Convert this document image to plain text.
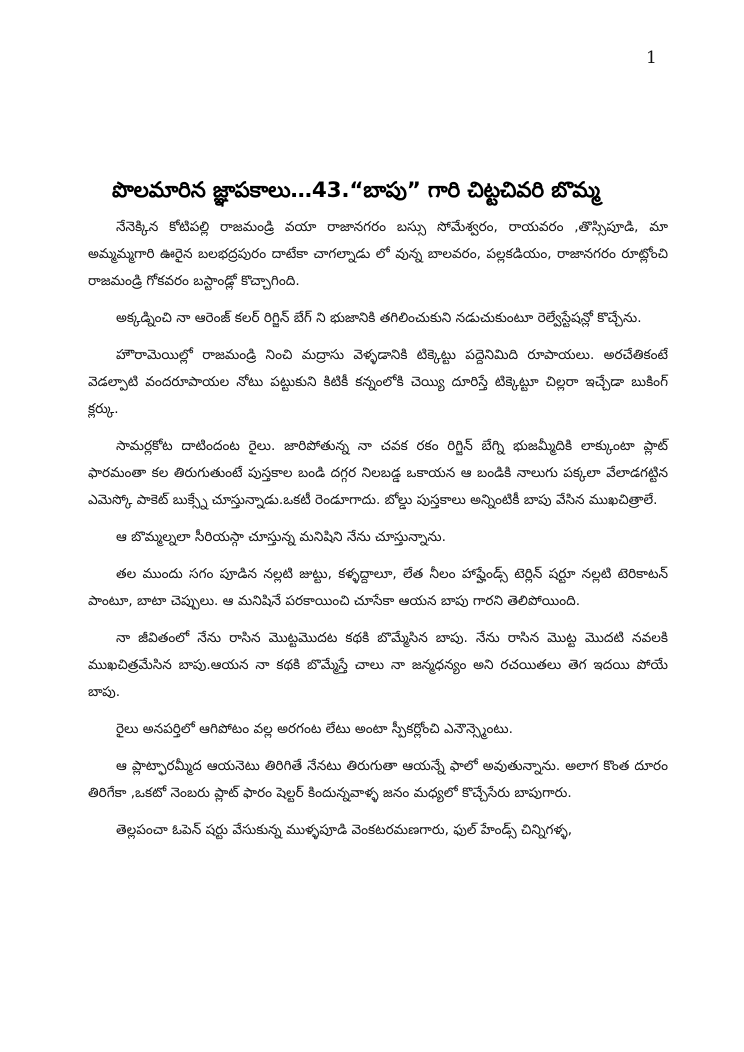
1
పొలమారిన జ్ఞాపకాలు…43.“బాపు” గారి చిట్టచివరి బొమ్మ

నేనెక్కిన కోటిపల్లి రాజమండ్రి వయా రాజానగరం బస్సు సోమేశ్వరం, రాయవరం ,తొస్సిపూడి, మా అమ్మమ్మగారి ఊరైన బలభద్రపురం దాటేకా చాగల్నాడు లో వున్న బాలవరం, పల్లకడియం, రాజానగరం రూట్లోంచి రాజమండ్రి గోకవరం బస్టాండ్లో కొచ్చాగింది.

అక్కడ్నించి నా ఆరెంజ్ కలర్ రిగ్జిన్ బేగ్ ని భుజానికి తగిలించుకుని నడుచుకుంటూ రెల్వేస్టేషన్లో కొచ్చేను.

హౌరామెయిల్లో రాజమండ్రి నించి మద్రాసు వెళ్ళడానికి టిక్కెట్టు పద్దెనిమిది రూపాయలు. అరచేతికంటే వెడల్పాటి వందరూపాయల నోటు పట్టుకుని కిటికీ కన్నంలోకి చెయ్యి దూరిస్తే టిక్కెట్టూ చిల్లరా ఇచ్చేడా బుకింగ్ క్లర్కు.

సామర్లకోట దాటిందంట రైలు. జారిపోతున్న నా చవక రకం రిగ్జిన్ బేగ్ని భుజమ్మీదికి లాక్కుంటా ప్లాట్ ఫారమంతా కల తిరుగుతుంటే పుస్తకాల బండి దగ్గర నిలబడ్డ ఒకాయన ఆ బండికి నాలుగు పక్కలా వేలాడగట్టిన ఎమెస్కో పాకెట్ బుక్స్నే చూస్తున్నాడు.ఒకటీ రెండూగాదు. బోల్డు పుస్తకాలు అన్నింటికీ బాపు వేసిన ముఖచిత్రాలే.

ఆ బొమ్మల్నలా సీరియస్గా చూస్తున్న మనిషిని నేను చూస్తున్నాను.

తల ముందు సగం పూడిన నల్లటి జుట్టు, కళ్ళద్దాలూ, లేత నీలం హాఫ్హేండ్స్ టెర్లిన్ షర్టూ నల్లటి టెరికాటన్ పాంటూ, బాటా చెప్పులు. ఆ మనిషినే పరకాయించి చూసేకా ఆయన బాపు గారని తెలిపోయింది.

నా జీవితంలో నేను రాసిన మొట్టమొదట కథకి బొమ్మేసిన బాపు. నేను రాసిన మొట్ట మొదటి నవలకి ముఖచిత్రమేసిన బాపు.ఆయన నా కథకి బొమ్మేస్తే చాలు నా జన్మధన్యం అని రచయితలు తెగ ఇదయి పోయే బాపు.

రైలు అనపర్తిలో ఆగిపోటం వల్ల అరగంట లేటు అంటా స్పీకర్లోంచి ఎనౌన్స్మెంటు.

ఆ ప్లాట్ఫారమ్మీద ఆయనెటు తిరిగితే నేనటు తిరుగుతా ఆయన్నే ఫాలో అవుతున్నాను. అలాగ కొంత దూరం తిరిగేకా ,ఒకటో నెంబరు ప్లాట్ ఫారం షెల్టర్ కిందున్నవాళ్ళ జనం మధ్యలో కొచ్చేసేరు బాపుగారు.

తెల్లపంచా ఓపెన్ షర్టు వేసుకున్న ముళ్ళపూడి వెంకటరమణగారు, ఫుల్ హేండ్స్ చిన్నిగళ్ళ,
